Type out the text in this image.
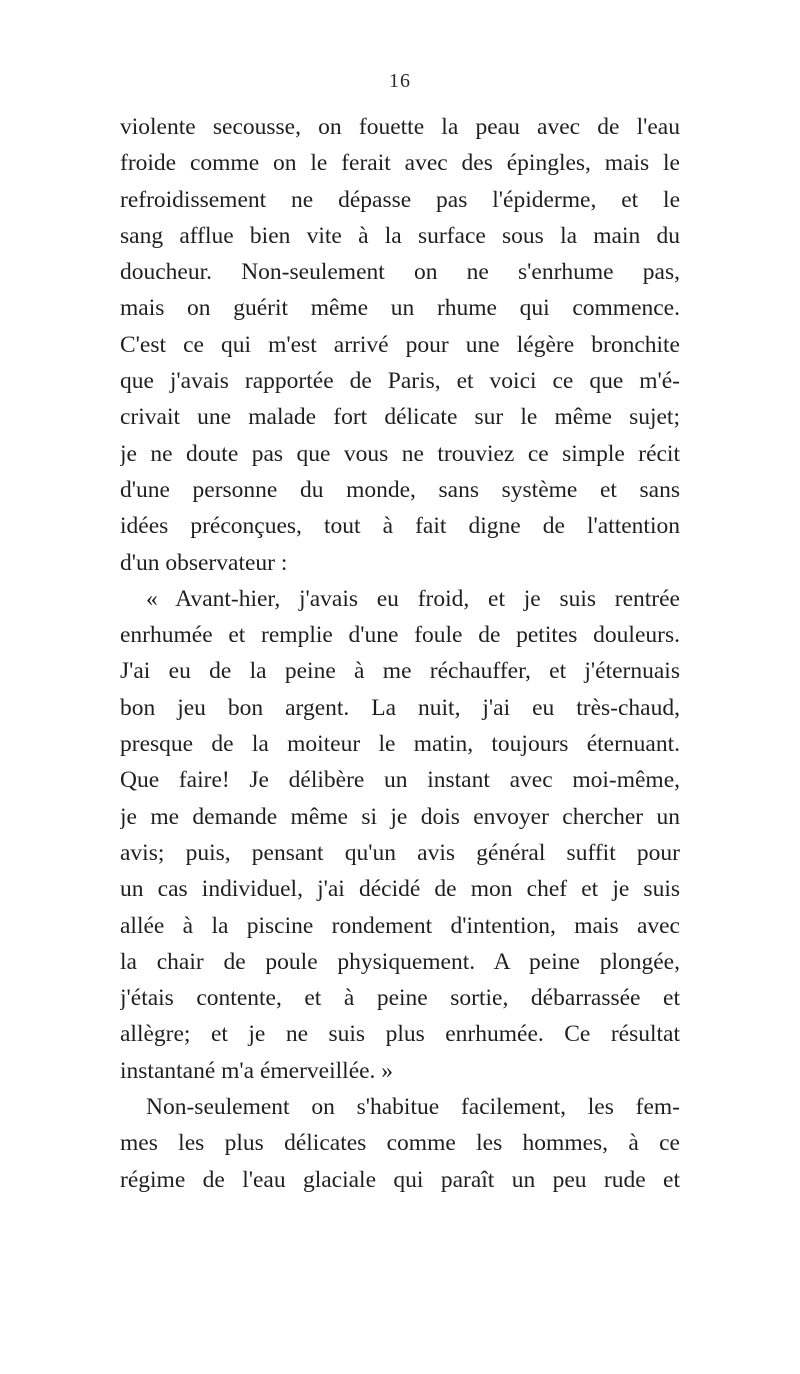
16
violente secousse, on fouette la peau avec de l'eau
froide comme on le ferait avec des épingles, mais le
refroidissement ne dépasse pas l'épiderme, et le
sang afflue bien vite à la surface sous la main du
doucheur. Non-seulement on ne s'enrhume pas,
mais on guérit même un rhume qui commence.
C'est ce qui m'est arrivé pour une légère bronchite
que j'avais rapportée de Paris, et voici ce que m'é-
crivait une malade fort délicate sur le même sujet;
je ne doute pas que vous ne trouviez ce simple récit
d'une personne du monde, sans système et sans
idées préconçues, tout à fait digne de l'attention
d'un observateur :
« Avant-hier, j'avais eu froid, et je suis rentrée
enrhumée et remplie d'une foule de petites douleurs.
J'ai eu de la peine à me réchauffer, et j'éternuais
bon jeu bon argent. La nuit, j'ai eu très-chaud,
presque de la moiteur le matin, toujours éternuant.
Que faire! Je délibère un instant avec moi-même,
je me demande même si je dois envoyer chercher un
avis; puis, pensant qu'un avis général suffit pour
un cas individuel, j'ai décidé de mon chef et je suis
allée à la piscine rondement d'intention, mais avec
la chair de poule physiquement. A peine plongée,
j'étais contente, et à peine sortie, débarrassée et
allègre; et je ne suis plus enrhumée. Ce résultat
instantané m'a émerveillée. »
Non-seulement on s'habitue facilement, les fem-
mes les plus délicates comme les hommes, à ce
régime de l'eau glaciale qui paraît un peu rude et
